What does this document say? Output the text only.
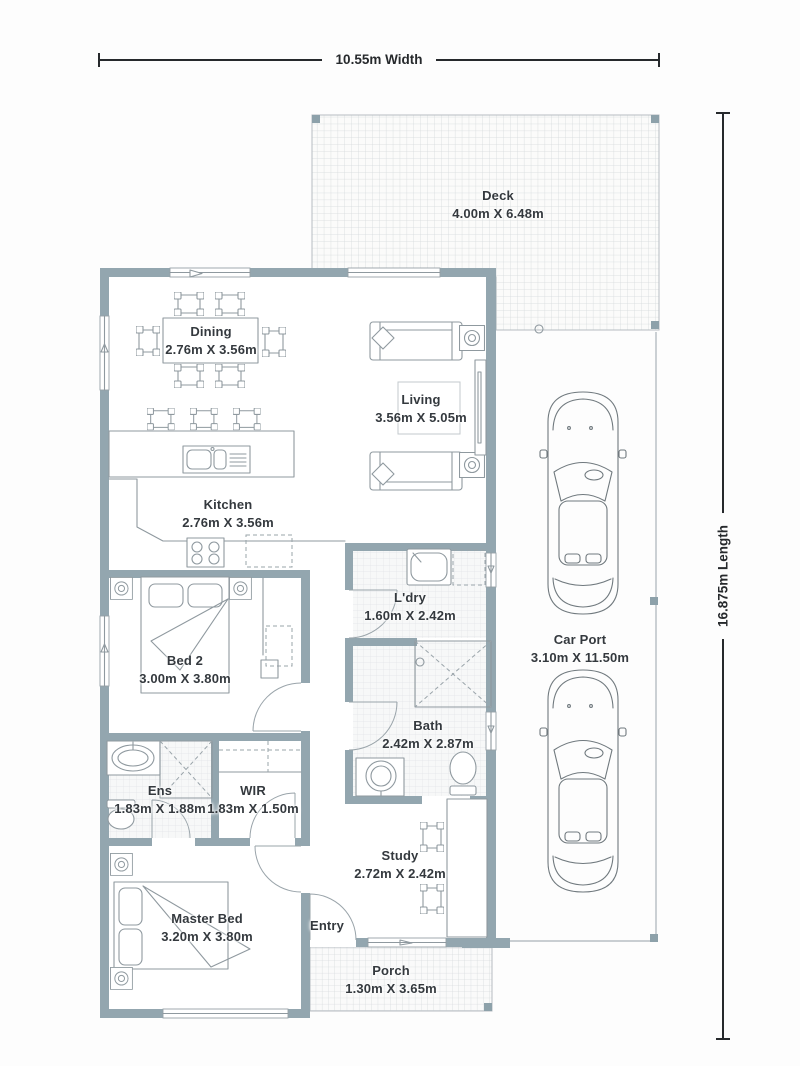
10.55m Width
16.875m Length
Deck
4.00m X 6.48m
Dining
2.76m X 3.56m
Living
3.56m X 5.05m
Kitchen
2.76m X 3.56m
L'dry
1.60m X 2.42m
Bed 2
3.00m X 3.80m
Bath
2.42m X 2.87m
Car Port
3.10m X 11.50m
Ens
1.83m X 1.88m
WIR
1.83m X 1.50m
Study
2.72m X 2.42m
Master Bed
3.20m X 3.80m
Entry
Porch
1.30m X 3.65m
